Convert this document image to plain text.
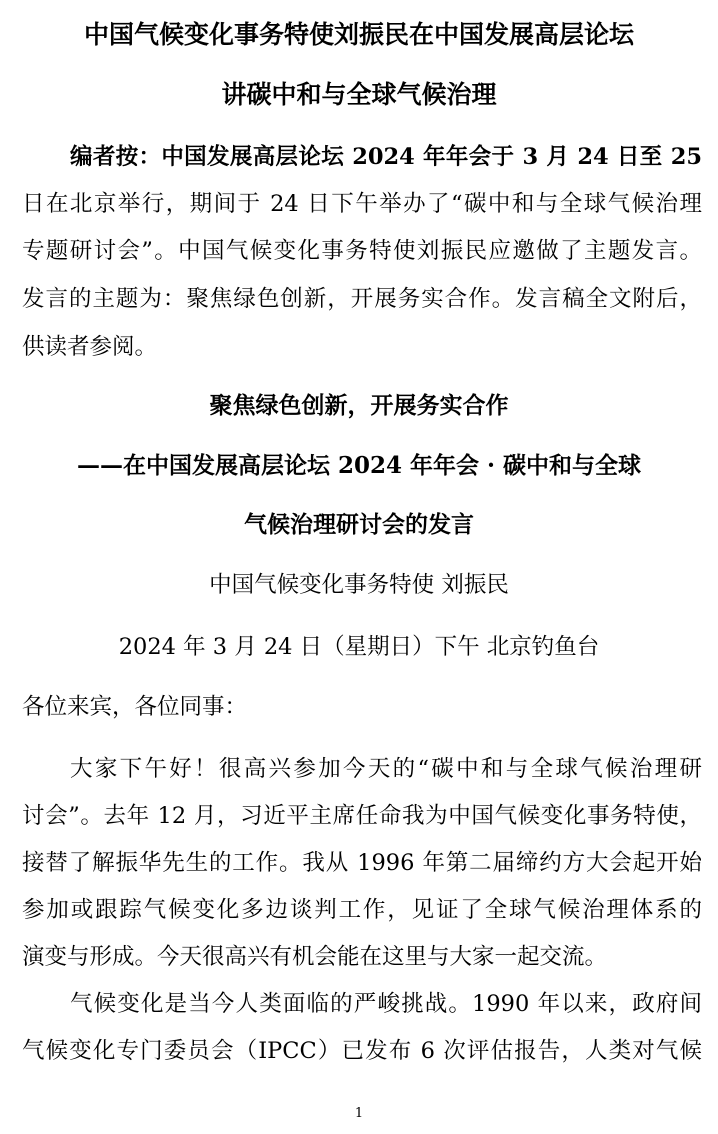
中国气候变化事务特使刘振民在中国发展高层论坛
讲碳中和与全球气候治理
编者按：中国发展高层论坛 2024 年年会于 3 月 24 日至 25
日在北京举行，期间于 24 日下午举办了“碳中和与全球气候治理
专题研讨会”。中国气候变化事务特使刘振民应邀做了主题发言。
发言的主题为：聚焦绿色创新，开展务实合作。发言稿全文附后，
供读者参阅。
聚焦绿色创新，开展务实合作
——在中国发展高层论坛 2024 年年会 · 碳中和与全球
气候治理研讨会的发言
中国气候变化事务特使 刘振民
2024 年 3 月 24 日（星期日）下午 北京钓鱼台
各位来宾，各位同事：
大家下午好！很高兴参加今天的“碳中和与全球气候治理研
讨会”。去年 12 月，习近平主席任命我为中国气候变化事务特使，
接替了解振华先生的工作。我从 1996 年第二届缔约方大会起开始
参加或跟踪气候变化多边谈判工作，见证了全球气候治理体系的
演变与形成。今天很高兴有机会能在这里与大家一起交流。
气候变化是当今人类面临的严峻挑战。1990 年以来，政府间
气候变化专门委员会（IPCC）已发布 6 次评估报告，人类对气候
1
